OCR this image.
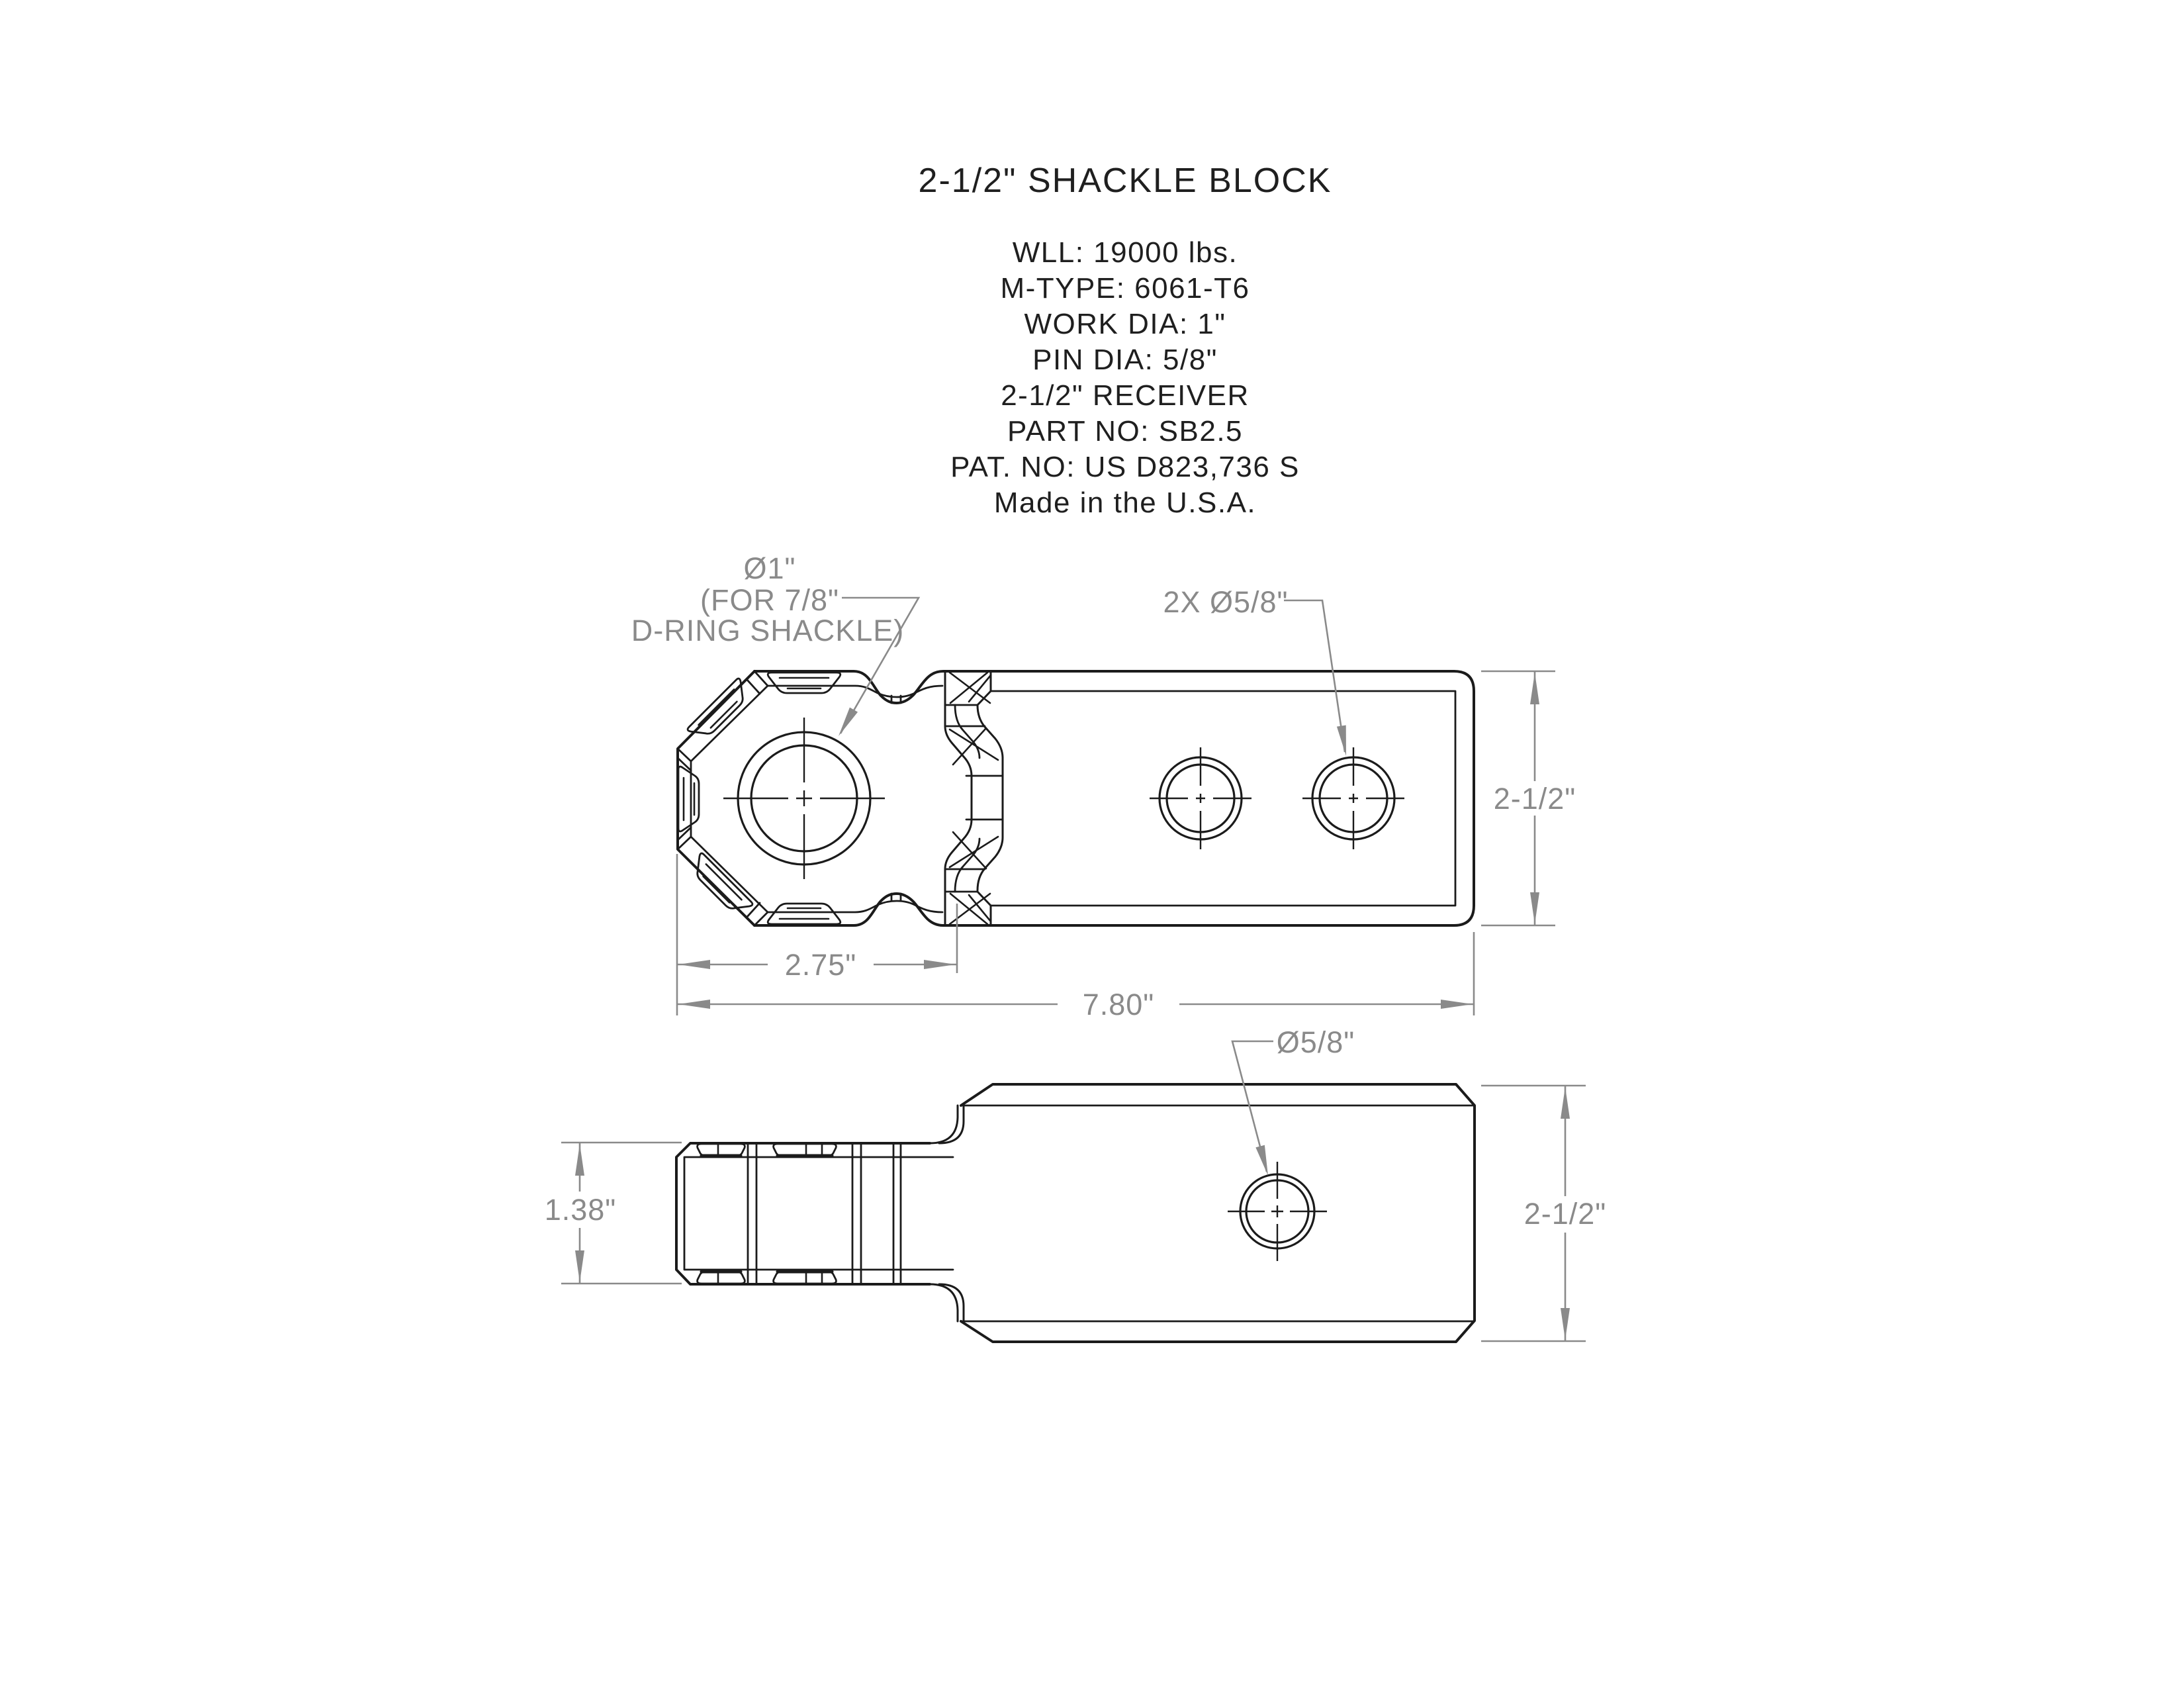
2-1/2" SHACKLE BLOCK
WLL: 19000 lbs.
M-TYPE: 6061-T6
WORK DIA: 1"
PIN DIA: 5/8"
2-1/2" RECEIVER
PART NO: SB2.5
PAT. NO: US D823,736 S
Made in the U.S.A.
2-1/2"
2.75"
7.80"
1.38"	2-1/2"
Ø1"
(FOR 7/8"
D-RING SHACKLE)
2X Ø5/8"
Ø5/8"
